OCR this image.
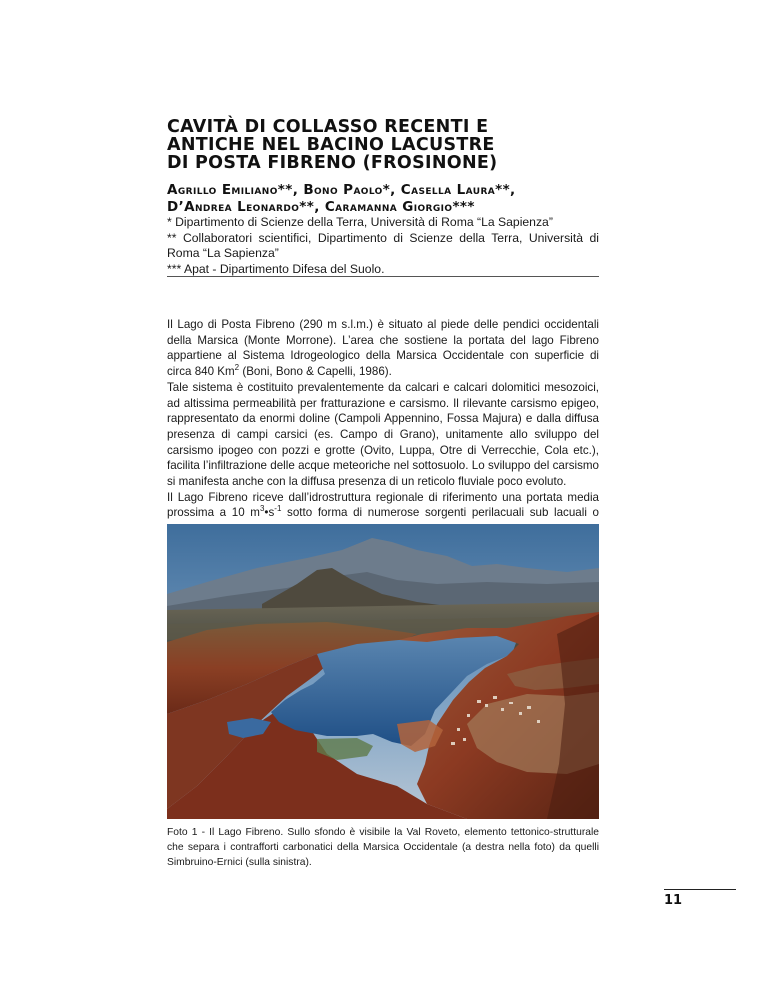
CAVITÀ DI COLLASSO RECENTI E
ANTICHE NEL BACINO LACUSTRE
DI POSTA FIBRENO (FROSINONE)
Agrillo Emiliano**, Bono Paolo*, Casella Laura**,
D’Andrea Leonardo**, Caramanna Giorgio***

* Dipartimento di Scienze della Terra, Università di Roma “La Sapienza”

** Collaboratori scientifici, Dipartimento di Scienze della Terra, Università di Roma “La Sapienza”

*** Apat - Dipartimento Difesa del Suolo.

Il Lago di Posta Fibreno (290 m s.l.m.) è situato al piede delle pendici occidentali della Marsica (Monte Morrone). L’area che sostiene la portata del lago Fibreno appartiene al Sistema Idrogeologico della Marsica Occidentale con superficie di circa 840 Km$^2$ (Boni, Bono & Capelli, 1986).

Tale sistema è costituito prevalentemente da calcari e calcari dolomitici mesozoici, ad altissima permeabilità per fratturazione e carsismo. Il rilevante carsismo epigeo, rappresentato da enormi doline (Campoli Appennino, Fossa Majura) e dalla diffusa presenza di campi carsici (es. Campo di Grano), unitamente allo sviluppo del carsismo ipogeo con pozzi e grotte (Ovito, Luppa, Otre di Verrecchie, Cola etc.), facilita l’infiltrazione delle acque meteoriche nel sottosuolo. Lo sviluppo del carsismo si manifesta anche con la diffusa presenza di un reticolo fluviale poco evoluto.

Il Lago Fibreno riceve dall’idrostruttura regionale di riferimento una portata media prossima a 10 $m^3•s^{-1}$ sotto forma di numerose sorgenti perilacuali sub lacuali o

Foto 1 - Il Lago Fibreno. Sullo sfondo è visibile la Val Roveto, elemento tettonico-strutturale che separa i contrafforti carbonatici della Marsica Occidentale (a destra nella foto) da quelli Simbruino-Ernici (sulla sinistra).

11
